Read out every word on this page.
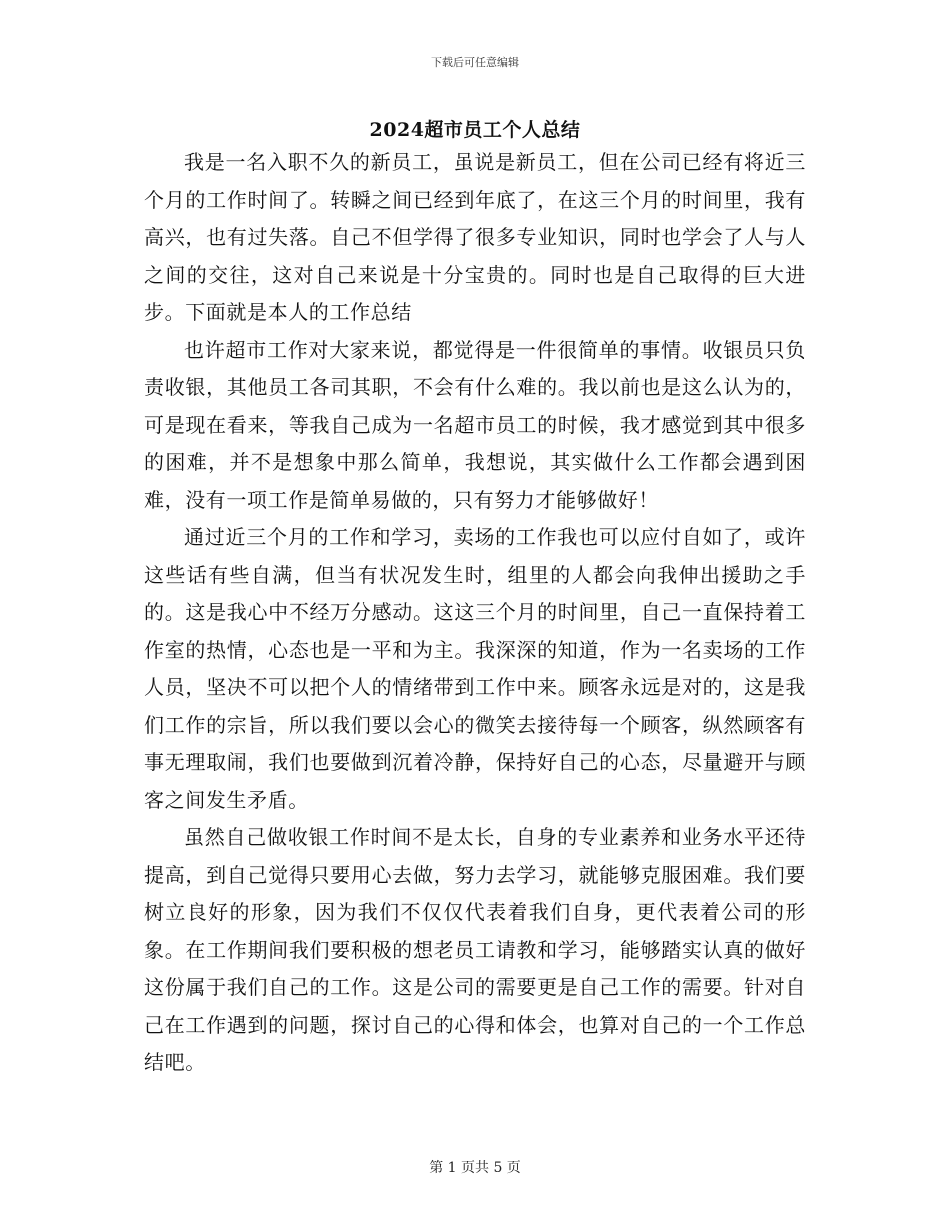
下载后可任意编辑
2024超市员工个人总结

我是一名入职不久的新员工，虽说是新员工，但在公司已经有将近三个月的工作时间了。转瞬之间已经到年底了，在这三个月的时间里，我有高兴，也有过失落。自己不但学得了很多专业知识，同时也学会了人与人之间的交往，这对自己来说是十分宝贵的。同时也是自己取得的巨大进步。下面就是本人的工作总结

也许超市工作对大家来说，都觉得是一件很简单的事情。收银员只负责收银，其他员工各司其职，不会有什么难的。我以前也是这么认为的，可是现在看来，等我自己成为一名超市员工的时候，我才感觉到其中很多的困难，并不是想象中那么简单，我想说，其实做什么工作都会遇到困难，没有一项工作是简单易做的，只有努力才能够做好！

通过近三个月的工作和学习，卖场的工作我也可以应付自如了，或许这些话有些自满，但当有状况发生时，组里的人都会向我伸出援助之手的。这是我心中不经万分感动。这这三个月的时间里，自己一直保持着工作室的热情，心态也是一平和为主。我深深的知道，作为一名卖场的工作人员，坚决不可以把个人的情绪带到工作中来。顾客永远是对的，这是我们工作的宗旨，所以我们要以会心的微笑去接待每一个顾客，纵然顾客有事无理取闹，我们也要做到沉着冷静，保持好自己的心态，尽量避开与顾客之间发生矛盾。

虽然自己做收银工作时间不是太长，自身的专业素养和业务水平还待提高，到自己觉得只要用心去做，努力去学习，就能够克服困难。我们要树立良好的形象，因为我们不仅仅代表着我们自身，更代表着公司的形象。在工作期间我们要积极的想老员工请教和学习，能够踏实认真的做好这份属于我们自己的工作。这是公司的需要更是自己工作的需要。针对自己在工作遇到的问题，探讨自己的心得和体会，也算对自己的一个工作总结吧。

第 1 页共 5 页
